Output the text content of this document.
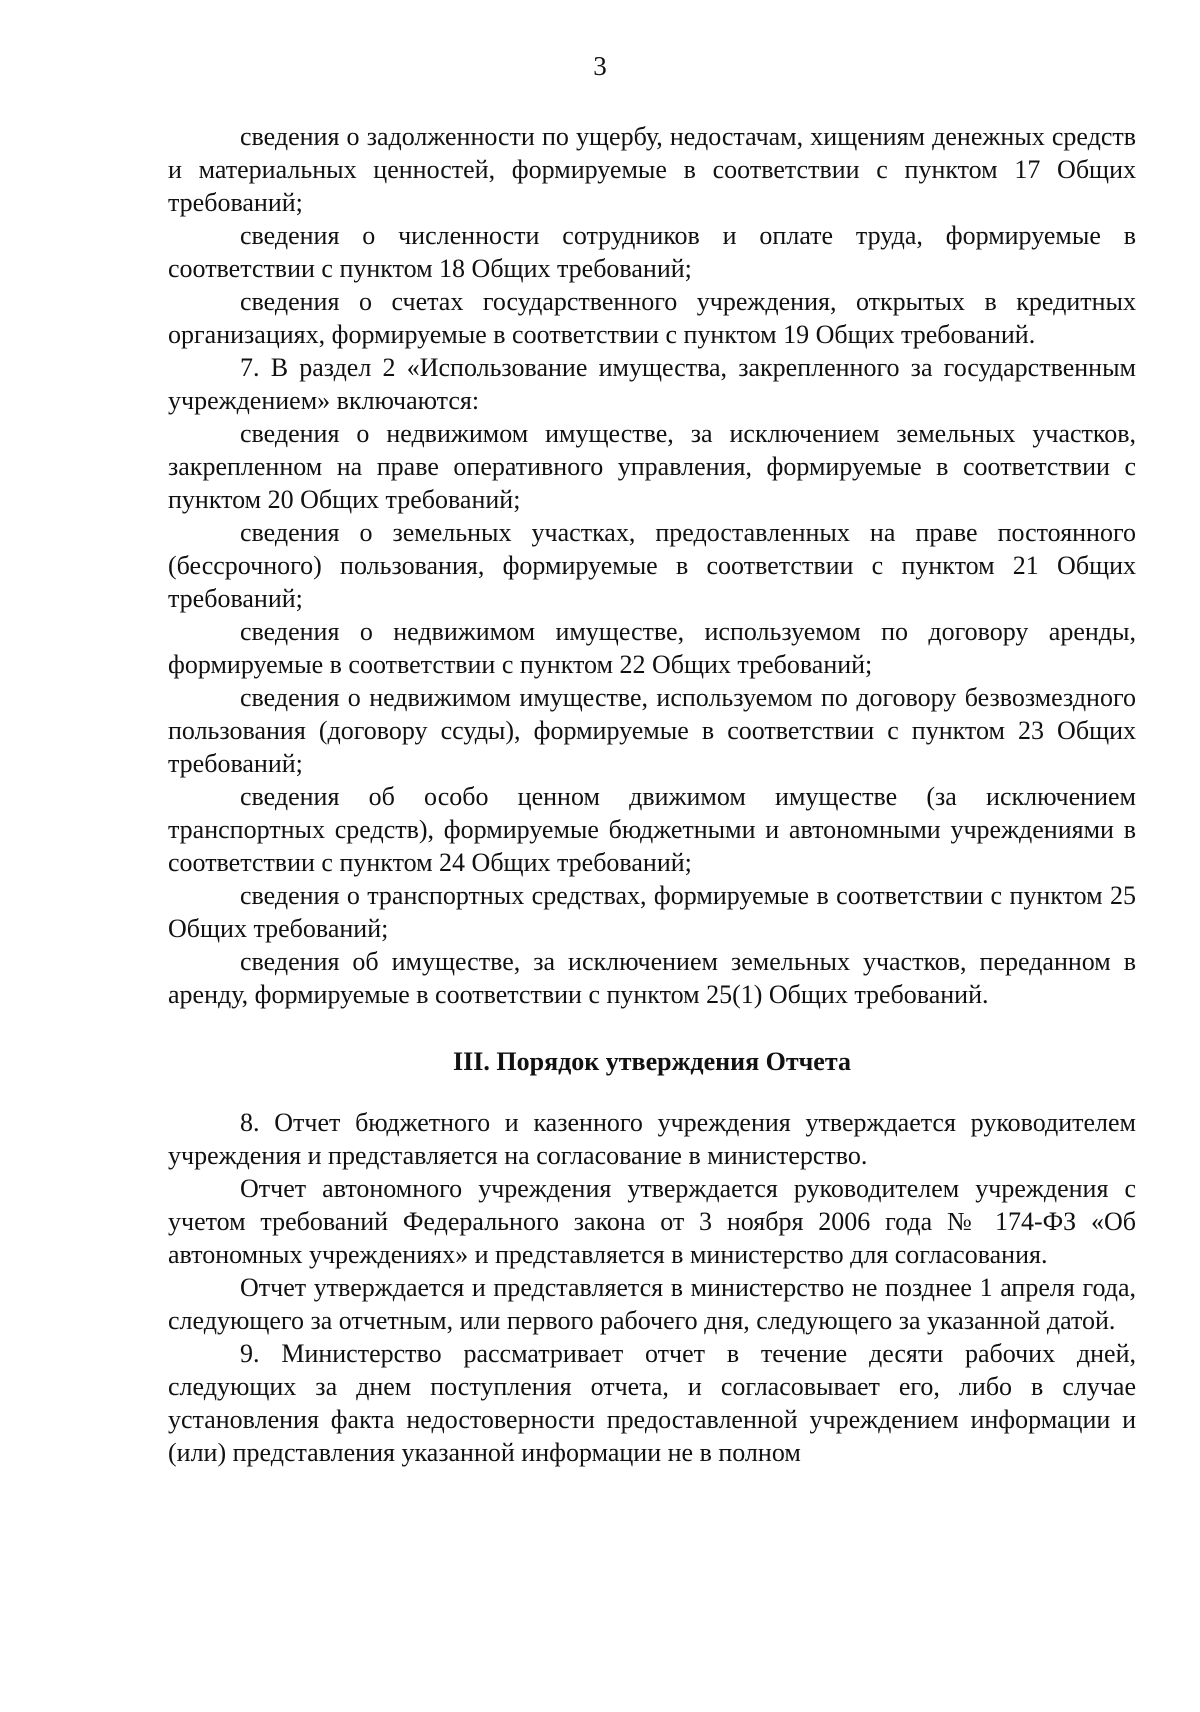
3

сведения о задолженности по ущербу, недостачам, хищениям денежных средств и материальных ценностей, формируемые в соответствии с пунктом 17 Общих требований;

сведения о численности сотрудников и оплате труда, формируемые в соответствии с пунктом 18 Общих требований;

сведения о счетах государственного учреждения, открытых в кредитных организациях, формируемые в соответствии с пунктом 19 Общих требований.

7. В раздел 2 «Использование имущества, закрепленного за государственным учреждением» включаются:

сведения о недвижимом имуществе, за исключением земельных участков, закрепленном на праве оперативного управления, формируемые в соответствии с пунктом 20 Общих требований;

сведения о земельных участках, предоставленных на праве постоянного (бессрочного) пользования, формируемые в соответствии с пунктом 21 Общих требований;

сведения о недвижимом имуществе, используемом по договору аренды, формируемые в соответствии с пунктом 22 Общих требований;

сведения о недвижимом имуществе, используемом по договору безвозмездного пользования (договору ссуды), формируемые в соответствии с пунктом 23 Общих требований;

сведения об особо ценном движимом имуществе (за исключением транспортных средств), формируемые бюджетными и автономными учреждениями в соответствии с пунктом 24 Общих требований;

сведения о транспортных средствах, формируемые в соответствии с пунктом 25 Общих требований;

сведения об имуществе, за исключением земельных участков, переданном в аренду, формируемые в соответствии с пунктом 25(1) Общих требований.

III. Порядок утверждения Отчета

8. Отчет бюджетного и казенного учреждения утверждается руководителем учреждения и представляется на согласование в министерство.

Отчет автономного учреждения утверждается руководителем учреждения с учетом требований Федерального закона от 3 ноября 2006 года № 174-ФЗ «Об автономных учреждениях» и представляется в министерство для согласования.

Отчет утверждается и представляется в министерство не позднее 1 апреля года, следующего за отчетным, или первого рабочего дня, следующего за указанной датой.

9. Министерство рассматривает отчет в течение десяти рабочих дней, следующих за днем поступления отчета, и согласовывает его, либо в случае установления факта недостоверности предоставленной учреждением информации и (или) представления указанной информации не в полном
